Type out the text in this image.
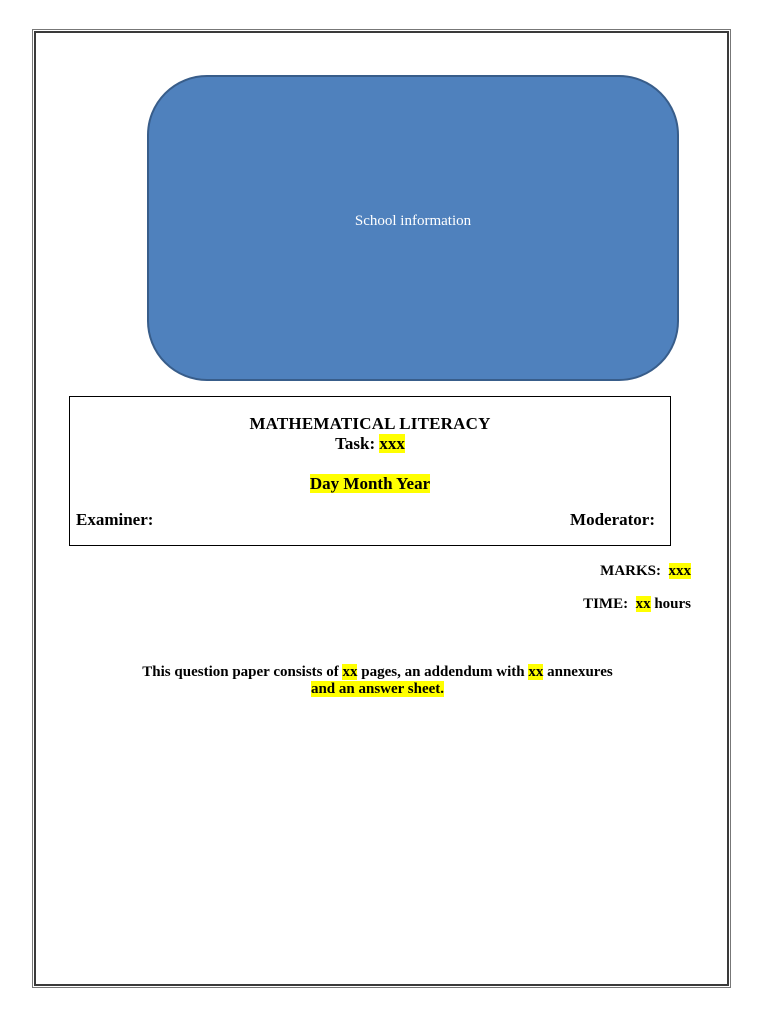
School information
MATHEMATICAL LITERACY
Task: xxx
Day Month Year
Examiner:	Moderator:
MARKS: xxx
TIME: xx hours
This question paper consists of xx pages, an addendum with xx annexures
and an answer sheet.
